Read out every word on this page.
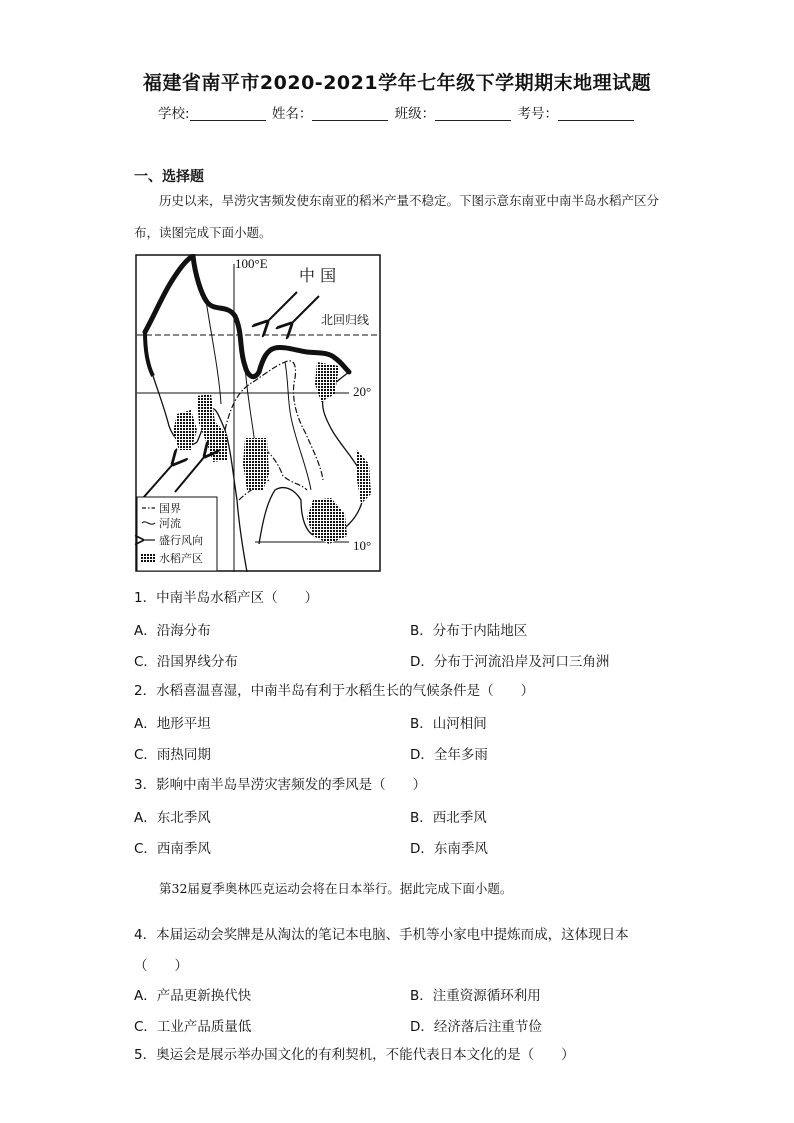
福建省南平市2020-2021学年七年级下学期期末地理试题
学校:	姓名：	班级：	考号：
一、选择题
历史以来，旱涝灾害频发使东南亚的稻米产量不稳定。下图示意东南亚中南半岛水稻产区分布，读图完成下面小题。
100°E
中 国
北回归线
20°
10°
国界
河流
盛行风向
水稻产区
1．中南半岛水稻产区（　　）
A．沿海分布	B．分布于内陆地区
C．沿国界线分布	D．分布于河流沿岸及河口三角洲
2．水稻喜温喜湿，中南半岛有利于水稻生长的气候条件是（　　）
A．地形平坦	B．山河相间
C．雨热同期	D．全年多雨
3．影响中南半岛旱涝灾害频发的季风是（　　）
A．东北季风	B．西北季风
C．西南季风	D．东南季风
第32届夏季奥林匹克运动会将在日本举行。据此完成下面小题。
4．本届运动会奖牌是从淘汰的笔记本电脑、手机等小家电中提炼而成，这体现日本（　　）
A．产品更新换代快	B．注重资源循环利用
C．工业产品质量低	D．经济落后注重节俭
5．奥运会是展示举办国文化的有利契机，不能代表日本文化的是（　　）
